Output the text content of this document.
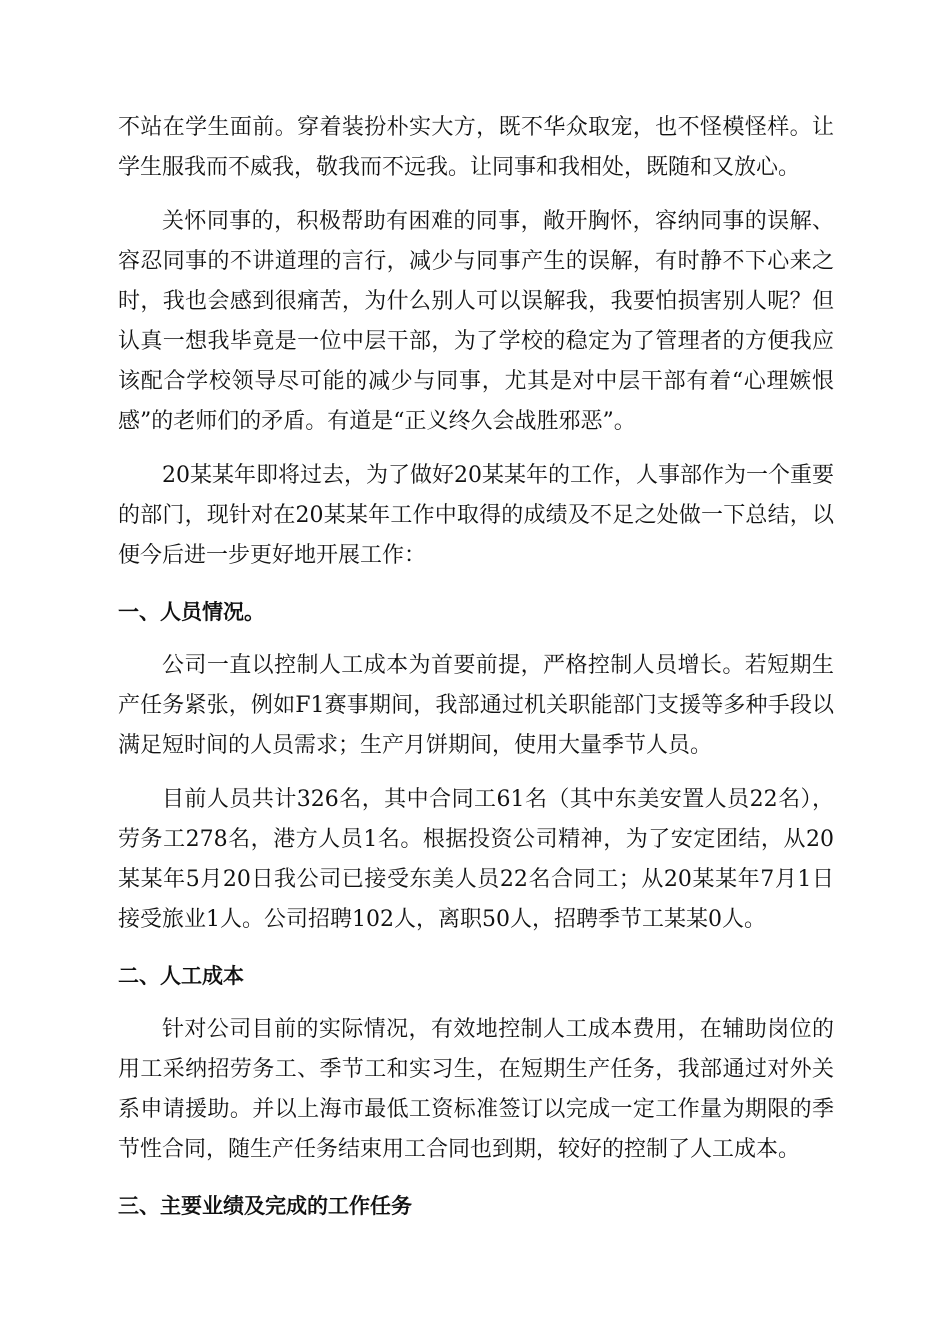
不站在学生面前。穿着装扮朴实大方，既不华众取宠，也不怪模怪样。让学生服我而不威我，敬我而不远我。让同事和我相处，既随和又放心。

关怀同事的，积极帮助有困难的同事，敞开胸怀，容纳同事的误解、容忍同事的不讲道理的言行，减少与同事产生的误解，有时静不下心来之时，我也会感到很痛苦，为什么别人可以误解我，我要怕损害别人呢？但认真一想我毕竟是一位中层干部，为了学校的稳定为了管理者的方便我应该配合学校领导尽可能的减少与同事，尤其是对中层干部有着“心理嫉恨感”的老师们的矛盾。有道是“正义终久会战胜邪恶”。

20某某年即将过去，为了做好20某某年的工作，人事部作为一个重要的部门，现针对在20某某年工作中取得的成绩及不足之处做一下总结，以便今后进一步更好地开展工作：

一、人员情况。

公司一直以控制人工成本为首要前提，严格控制人员增长。若短期生产任务紧张，例如F1赛事期间，我部通过机关职能部门支援等多种手段以满足短时间的人员需求；生产月饼期间，使用大量季节人员。

目前人员共计326名，其中合同工61名（其中东美安置人员22名），劳务工278名，港方人员1名。根据投资公司精神，为了安定团结，从20某某年5月20日我公司已接受东美人员22名合同工；从20某某年7月1日接受旅业1人。公司招聘102人，离职50人，招聘季节工某某0人。

二、人工成本

针对公司目前的实际情况，有效地控制人工成本费用，在辅助岗位的用工采纳招劳务工、季节工和实习生，在短期生产任务，我部通过对外关系申请援助。并以上海市最低工资标准签订以完成一定工作量为期限的季节性合同，随生产任务结束用工合同也到期，较好的控制了人工成本。

三、主要业绩及完成的工作任务
